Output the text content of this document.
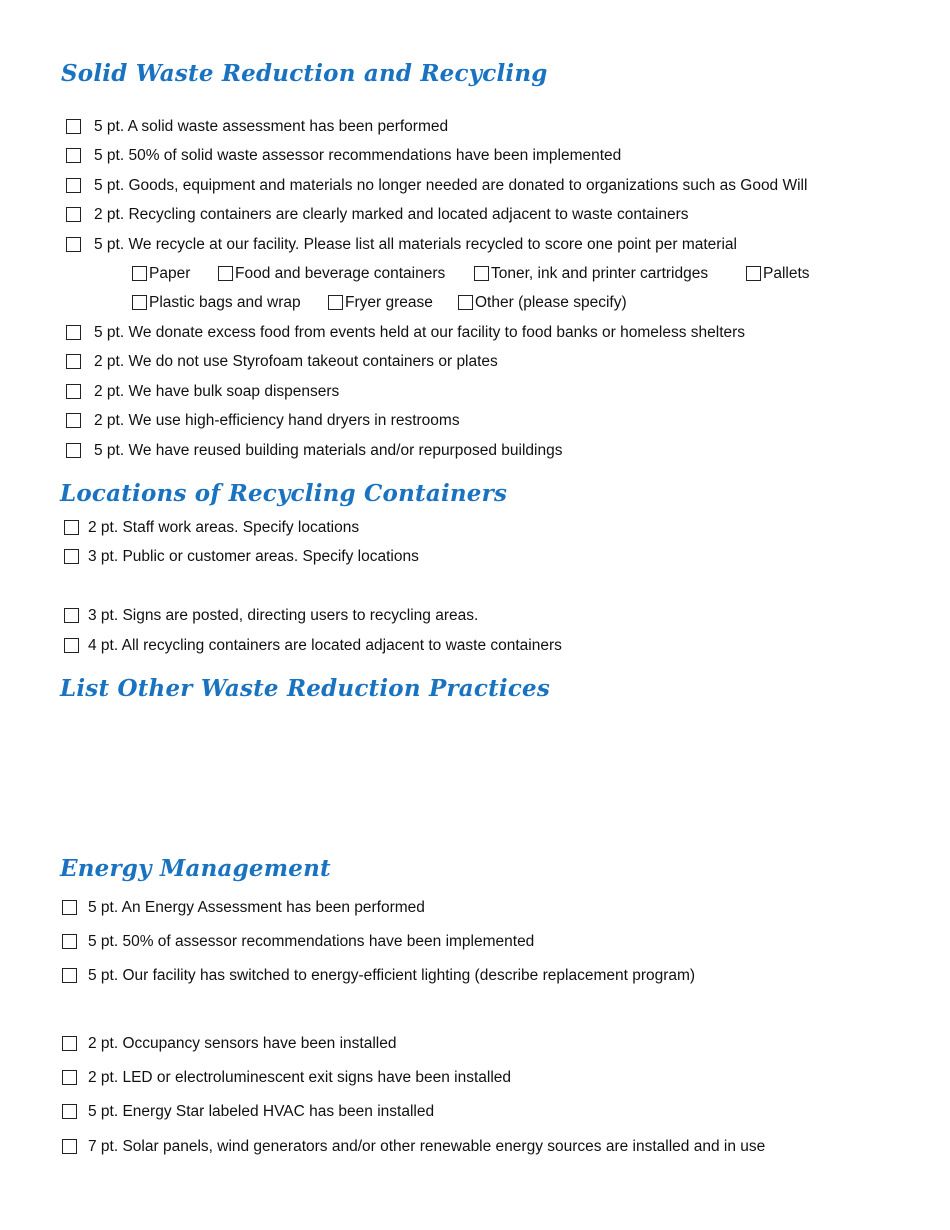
Solid Waste Reduction and Recycling
5 pt. A solid waste assessment has been performed
5 pt. 50% of solid waste assessor recommendations have been implemented
5 pt. Goods, equipment and materials no longer needed are donated to organizations such as Good Will
2 pt. Recycling containers are clearly marked and located adjacent to waste containers
5 pt. We recycle at our facility. Please list all materials recycled to score one point per material
Paper	Food and beverage containers	Toner, ink and printer cartridges	Pallets
Plastic bags and wrap	Fryer grease	Other (please specify)
5 pt. We donate excess food from events held at our facility to food banks or homeless shelters
2 pt. We do not use Styrofoam takeout containers or plates
2 pt. We have bulk soap dispensers
2 pt. We use high-efficiency hand dryers in restrooms
5 pt. We have reused building materials and/or repurposed buildings
Locations of Recycling Containers
2 pt. Staff work areas. Specify locations
3 pt. Public or customer areas. Specify locations
3 pt. Signs are posted, directing users to recycling areas.
4 pt. All recycling containers are located adjacent to waste containers
List Other Waste Reduction Practices
Energy Management
5 pt. An Energy Assessment has been performed
5 pt. 50% of assessor recommendations have been implemented
5 pt. Our facility has switched to energy-efficient lighting (describe replacement program)
2 pt. Occupancy sensors have been installed
2 pt. LED or electroluminescent exit signs have been installed
5 pt. Energy Star labeled HVAC has been installed
7 pt. Solar panels, wind generators and/or other renewable energy sources are installed and in use
